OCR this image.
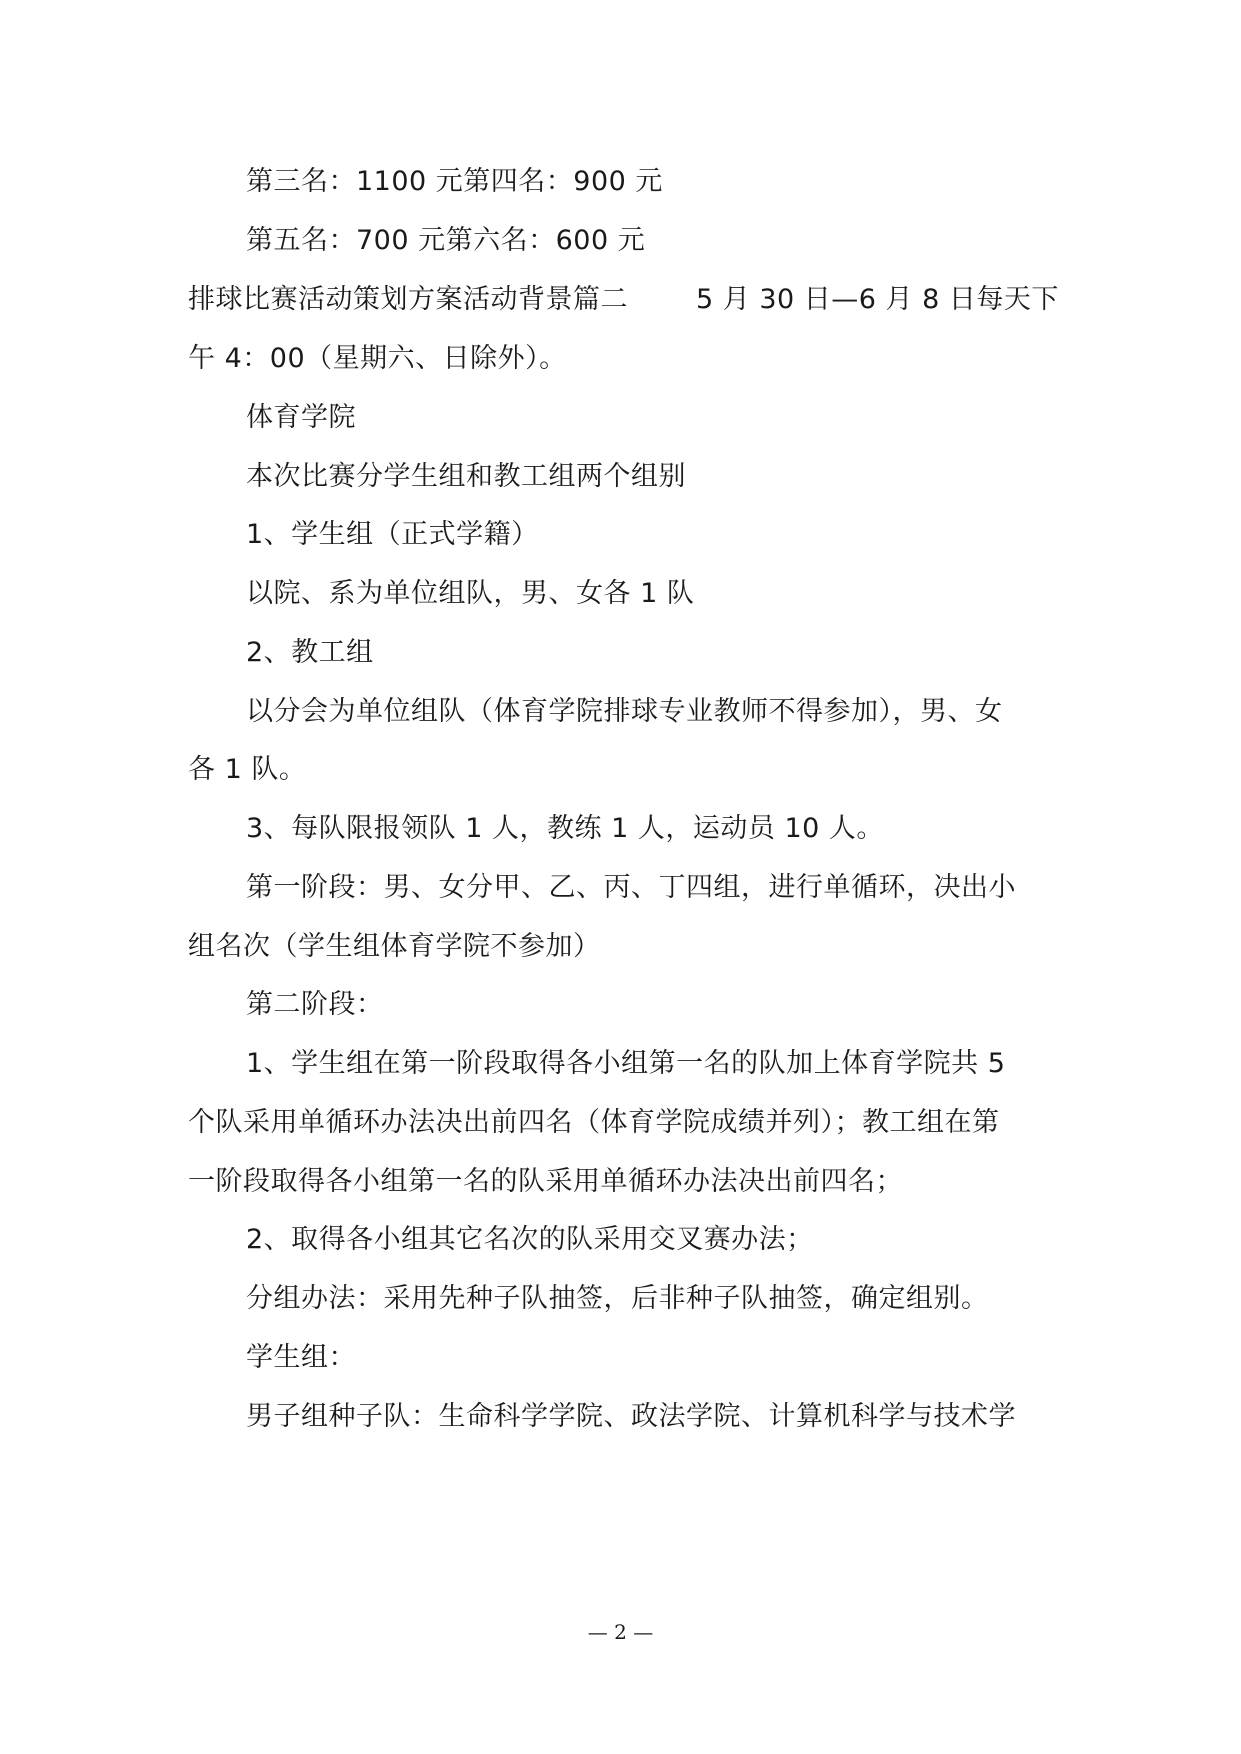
第三名：1100 元第四名：900 元
第五名：700 元第六名：600 元
排球比赛活动策划方案活动背景篇二	5 月 30 日—6 月 8 日每天下
午 4：00（星期六、日除外）。
体育学院
本次比赛分学生组和教工组两个组别
1、学生组（正式学籍）
以院、系为单位组队，男、女各 1 队
2、教工组
以分会为单位组队（体育学院排球专业教师不得参加），男、女
各 1 队。
3、每队限报领队 1 人，教练 1 人，运动员 10 人。
第一阶段：男、女分甲、乙、丙、丁四组，进行单循环，决出小
组名次（学生组体育学院不参加）
第二阶段：
1、学生组在第一阶段取得各小组第一名的队加上体育学院共 5
个队采用单循环办法决出前四名（体育学院成绩并列）；教工组在第
一阶段取得各小组第一名的队采用单循环办法决出前四名；
2、取得各小组其它名次的队采用交叉赛办法；
分组办法：采用先种子队抽签，后非种子队抽签，确定组别。
学生组：
男子组种子队：生命科学学院、政法学院、计算机科学与技术学
— 2 —
